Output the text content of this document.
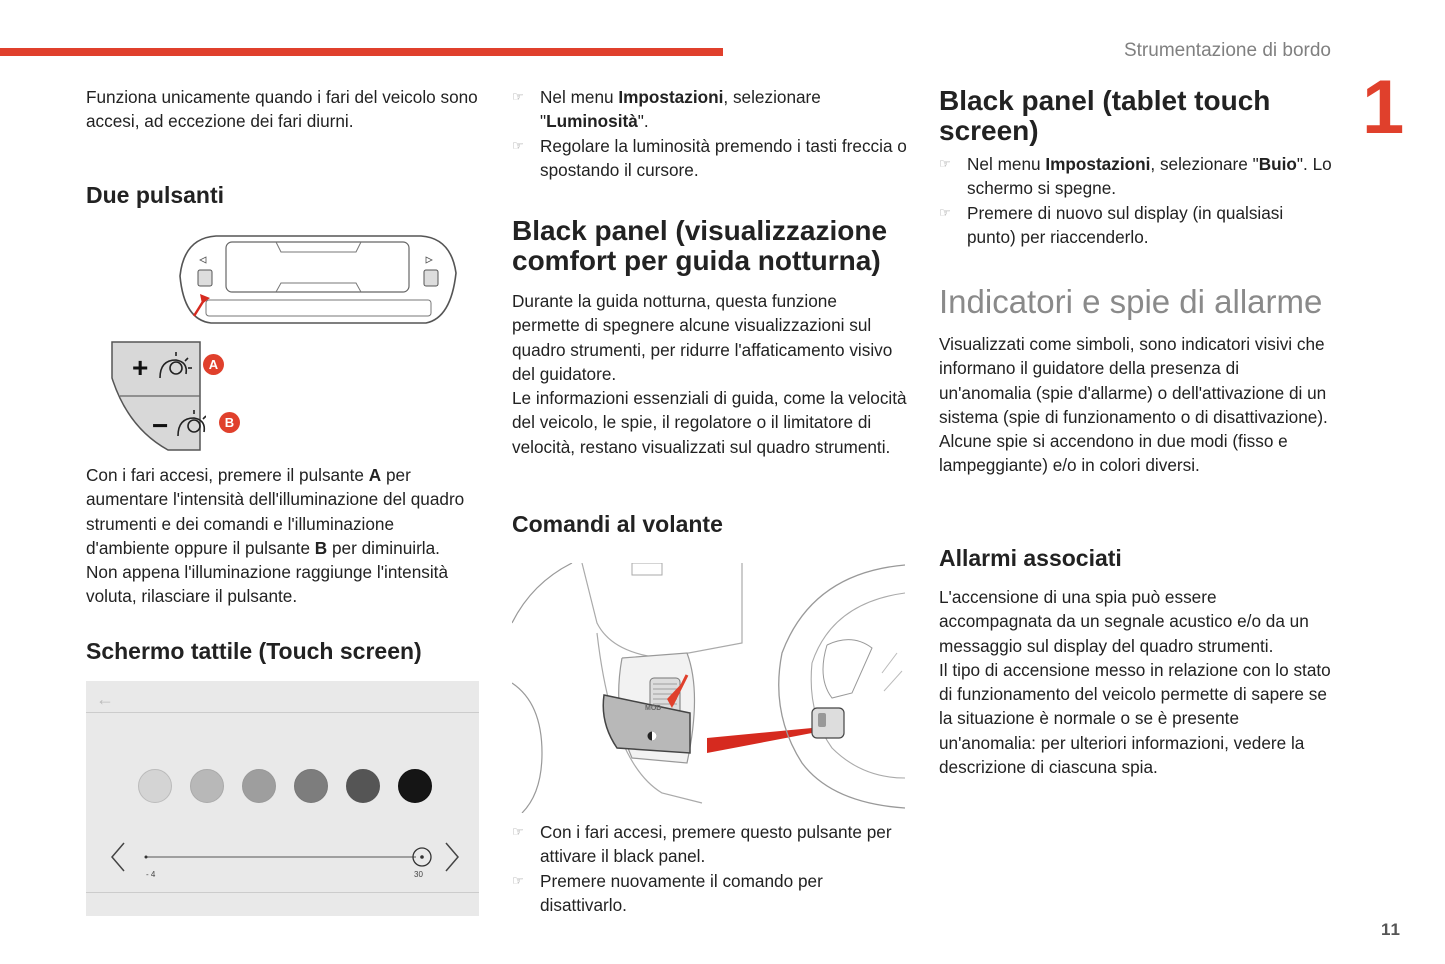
Strumentazione di bordo
1
11

Funziona unicamente quando i fari del veicolo sono accesi, ad eccezione dei fari diurni.

Due pulsanti
+
−
A
B

Con i fari accesi, premere il pulsante A per aumentare l'intensità dell'illuminazione del quadro strumenti e dei comandi e l'illuminazione d'ambiente oppure il pulsante B per diminuirla.

Non appena l'illuminazione raggiunge l'intensità voluta, rilasciare il pulsante.

Schermo tattile (Touch screen)
←
- 4	30
☞ Nel menu Impostazioni, selezionare "Luminosità".
☞ Regolare la luminosità premendo i tasti freccia o spostando il cursore.
Black panel (visualizzazione comfort per guida notturna)

Durante la guida notturna, questa funzione permette di spegnere alcune visualizzazioni sul quadro strumenti, per ridurre l'affaticamento visivo del guidatore.

Le informazioni essenziali di guida, come la velocità del veicolo, le spie, il regolatore o il limitatore di velocità, restano visualizzati sul quadro strumenti.

Comandi al volante
MOD
☞ Con i fari accesi, premere questo pulsante per attivare il black panel.
☞ Premere nuovamente il comando per disattivarlo.
Black panel (tablet touch screen)
☞ Nel menu Impostazioni, selezionare "Buio". Lo schermo si spegne.
☞ Premere di nuovo sul display (in qualsiasi punto) per riaccenderlo.
Indicatori e spie di allarme

Visualizzati come simboli, sono indicatori visivi che informano il guidatore della presenza di un'anomalia (spie d'allarme) o dell'attivazione di un sistema (spie di funzionamento o di disattivazione). Alcune spie si accendono in due modi (fisso e lampeggiante) e/o in colori diversi.

Allarmi associati

L'accensione di una spia può essere accompagnata da un segnale acustico e/o da un messaggio sul display del quadro strumenti.

Il tipo di accensione messo in relazione con lo stato di funzionamento del veicolo permette di sapere se la situazione è normale o se è presente un'anomalia: per ulteriori informazioni, vedere la descrizione di ciascuna spia.
